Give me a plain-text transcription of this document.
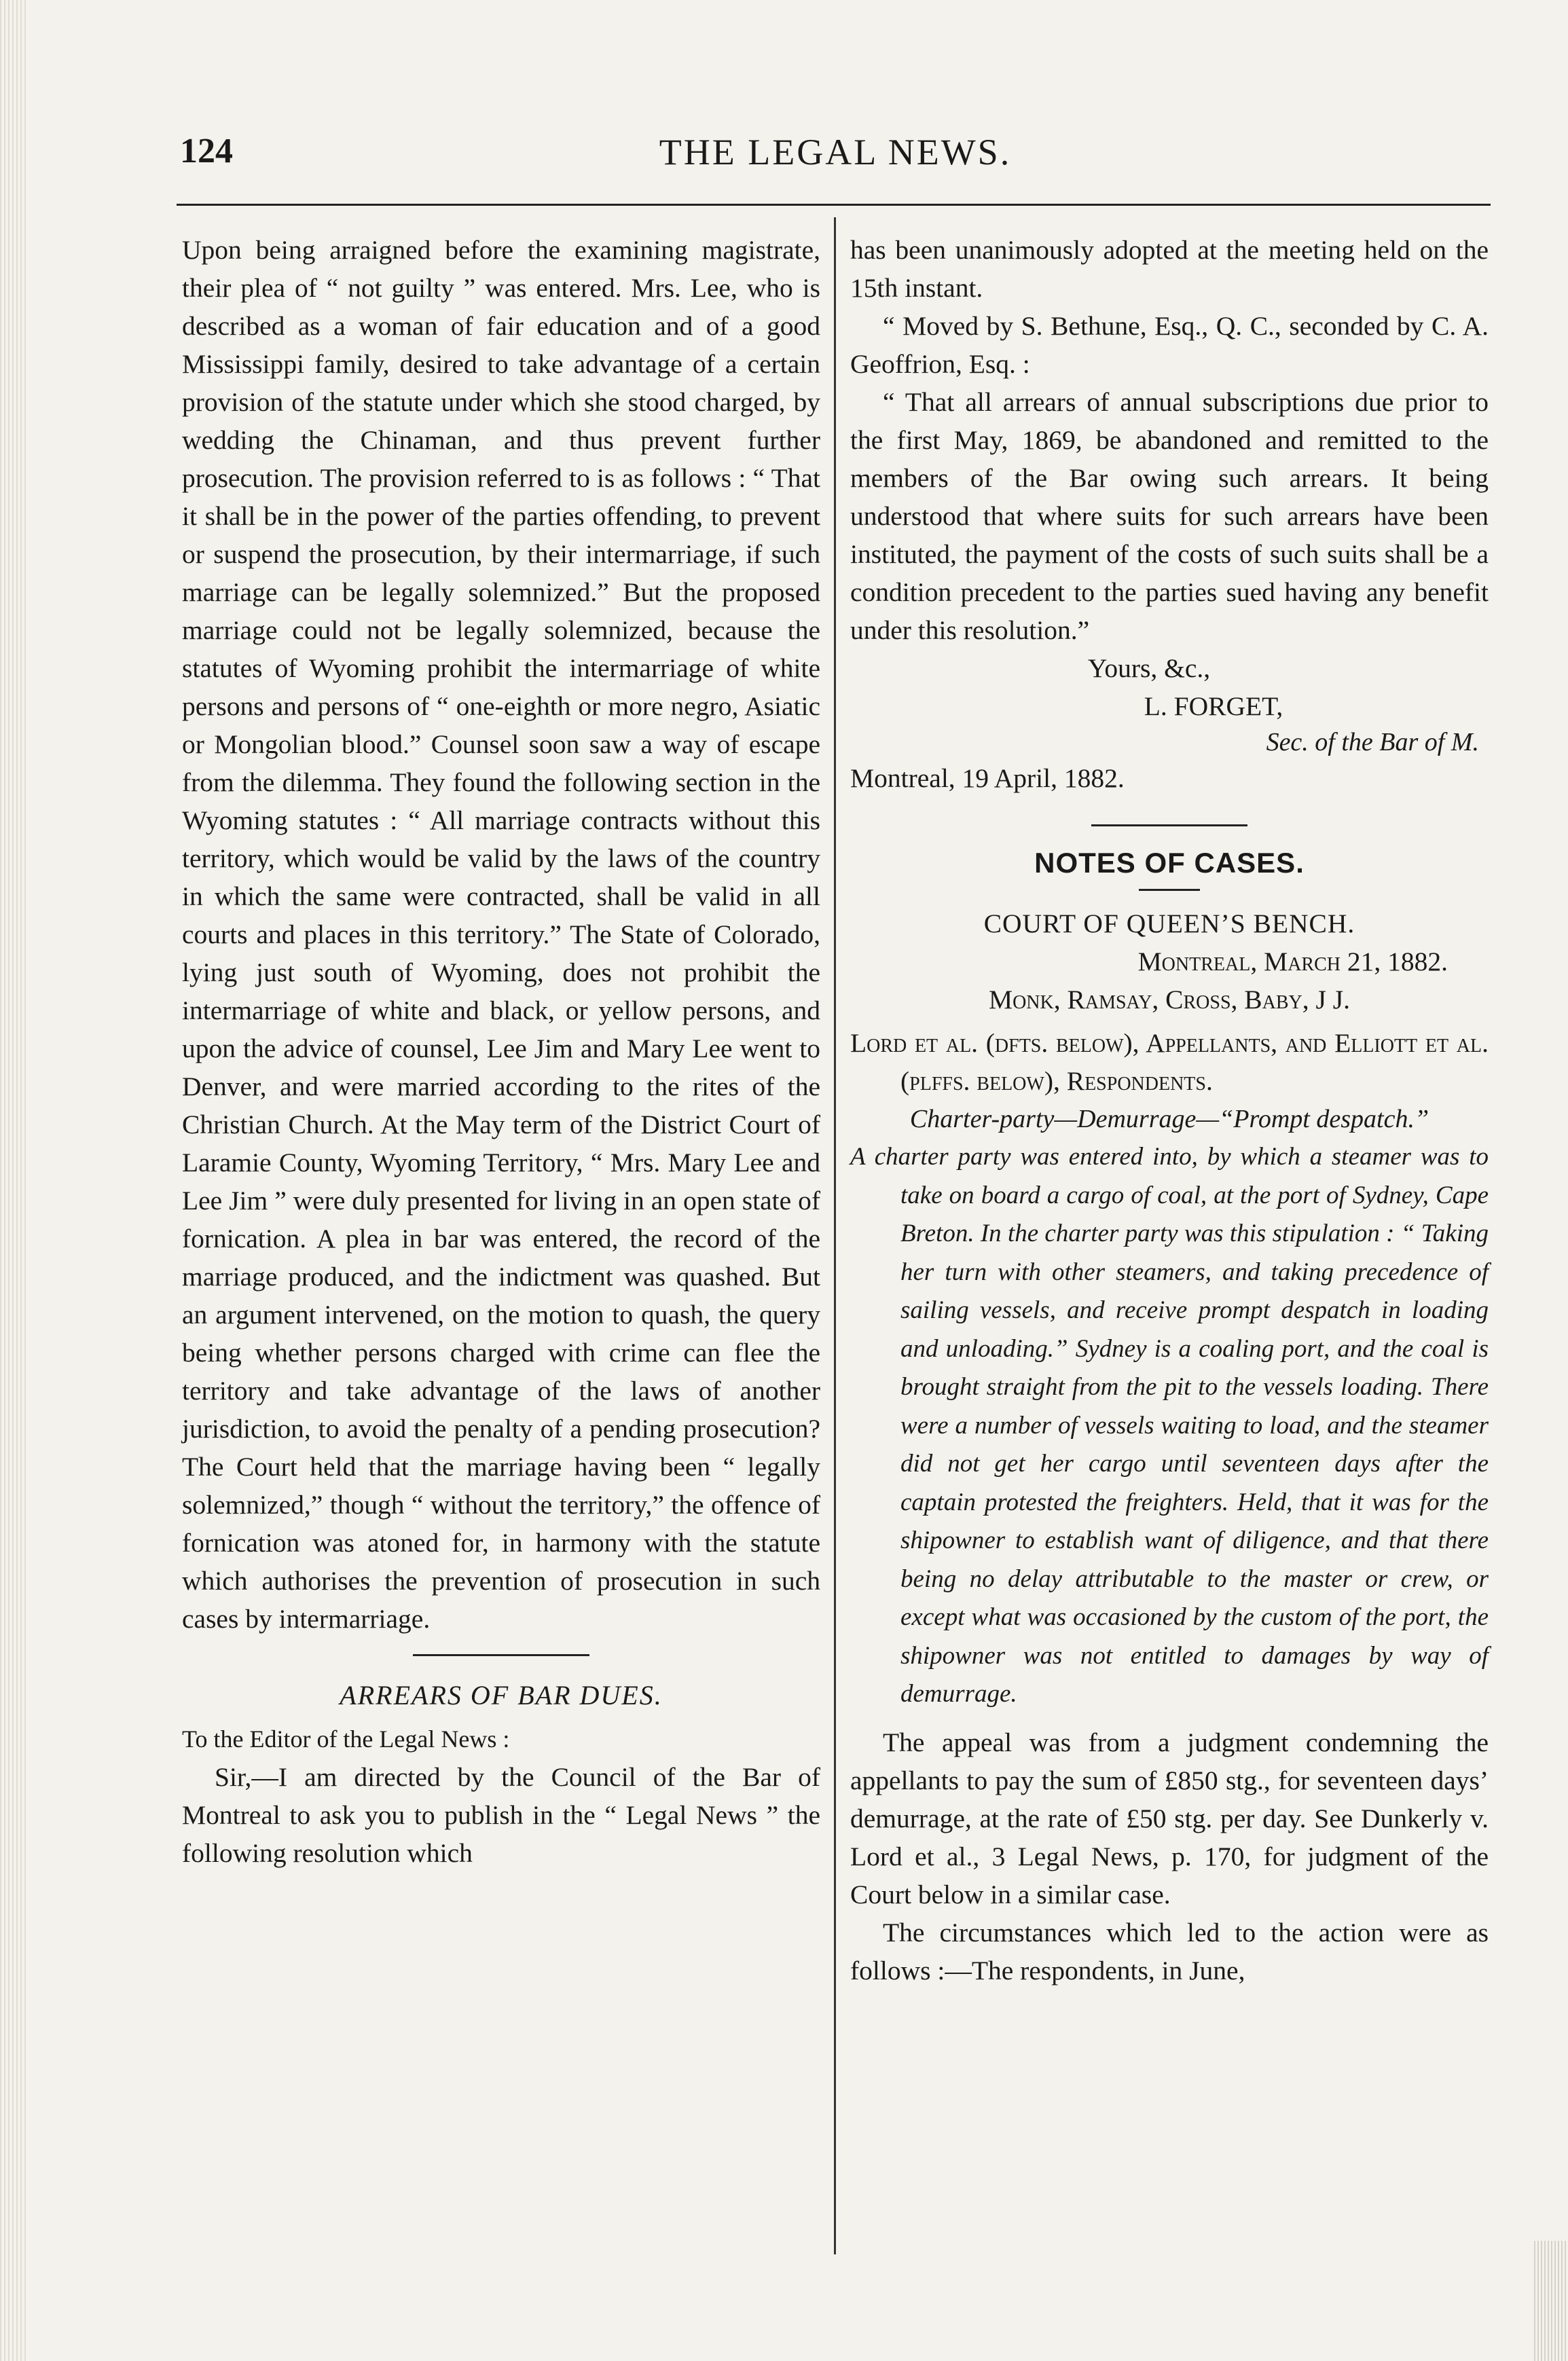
THE LEGAL NEWS.
124

Upon being arraigned before the examining magistrate, their plea of “ not guilty ” was entered. Mrs. Lee, who is described as a woman of fair education and of a good Mississippi family, desired to take advantage of a certain provision of the statute under which she stood charged, by wedding the Chinaman, and thus prevent further prosecution. The provision referred to is as follows : “ That it shall be in the power of the parties offending, to prevent or suspend the prosecution, by their intermarriage, if such marriage can be legally solemnized.” But the proposed marriage could not be legally solemnized, because the statutes of Wyoming prohibit the intermarriage of white persons and persons of “ one-eighth or more negro, Asiatic or Mongolian blood.” Counsel soon saw a way of escape from the dilemma. They found the following section in the Wyoming statutes : “ All marriage contracts without this territory, which would be valid by the laws of the country in which the same were contracted, shall be valid in all courts and places in this territory.” The State of Colorado, lying just south of Wyoming, does not prohibit the intermarriage of white and black, or yellow persons, and upon the advice of counsel, Lee Jim and Mary Lee went to Denver, and were married according to the rites of the Christian Church. At the May term of the District Court of Laramie County, Wyoming Territory, “ Mrs. Mary Lee and Lee Jim ” were duly presented for living in an open state of fornication. A plea in bar was entered, the record of the marriage produced, and the indictment was quashed. But an argument intervened, on the motion to quash, the query being whether persons charged with crime can flee the territory and take advantage of the laws of another jurisdiction, to avoid the penalty of a pending prosecution? The Court held that the marriage having been “ legally solemnized,” though “ without the territory,” the offence of fornication was atoned for, in harmony with the statute which authorises the prevention of prosecution in such cases by intermarriage.

ARREARS OF BAR DUES.

To the Editor of the Legal News :

Sir,—I am directed by the Council of the Bar of Montreal to ask you to publish in the “ Legal News ” the following resolution which

has been unanimously adopted at the meeting held on the 15th instant.

“ Moved by S. Bethune, Esq., Q. C., seconded by C. A. Geoffrion, Esq. :

“ That all arrears of annual subscriptions due prior to the first May, 1869, be abandoned and remitted to the members of the Bar owing such arrears. It being understood that where suits for such arrears have been instituted, the payment of the costs of such suits shall be a condition precedent to the parties sued having any benefit under this resolution.”

Yours, &c.,

L. FORGET,

Sec. of the Bar of M.

Montreal, 19 April, 1882.

NOTES OF CASES.

COURT OF QUEEN’S BENCH.

Montreal, March 21, 1882.

Monk, Ramsay, Cross, Baby, J J.

Lord et al. (dfts. below), Appellants, and Elliott et al. (plffs. below), Respondents.

Charter-party—Demurrage—“Prompt despatch.”

A charter party was entered into, by which a steamer was to take on board a cargo of coal, at the port of Sydney, Cape Breton. In the charter party was this stipulation : “ Taking her turn with other steamers, and taking precedence of sailing vessels, and receive prompt despatch in loading and unloading.” Sydney is a coaling port, and the coal is brought straight from the pit to the vessels loading. There were a number of vessels waiting to load, and the steamer did not get her cargo until seventeen days after the captain protested the freighters. Held, that it was for the shipowner to establish want of diligence, and that there being no delay attributable to the master or crew, or except what was occasioned by the custom of the port, the shipowner was not entitled to damages by way of demurrage.

The appeal was from a judgment condemning the appellants to pay the sum of £850 stg., for seventeen days’ demurrage, at the rate of £50 stg. per day. See Dunkerly v. Lord et al., 3 Legal News, p. 170, for judgment of the Court below in a similar case.

The circumstances which led to the action were as follows :—The respondents, in June,
